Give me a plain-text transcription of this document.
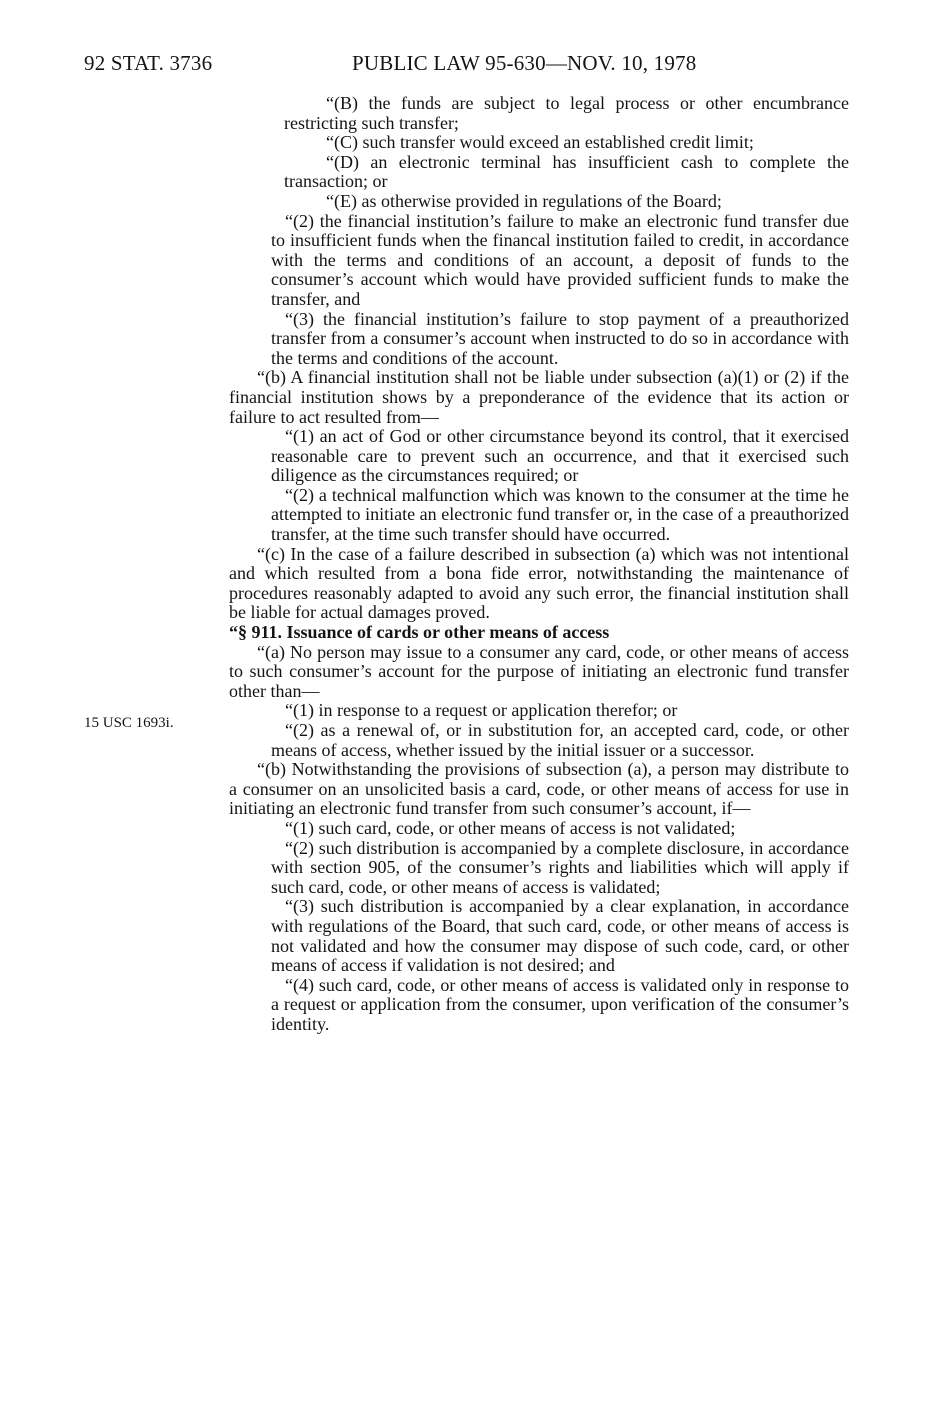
92 STAT. 3736	PUBLIC LAW 95-630—NOV. 10, 1978
15 USC 1693i.

“(B) the funds are subject to legal process or other encumbrance restricting such transfer;

“(C) such transfer would exceed an established credit limit;

“(D) an electronic terminal has insufficient cash to complete the transaction; or

“(E) as otherwise provided in regulations of the Board;

“(2) the financial institution’s failure to make an electronic fund transfer due to insufficient funds when the financal institution failed to credit, in accordance with the terms and conditions of an account, a deposit of funds to the consumer’s account which would have provided sufficient funds to make the transfer, and

“(3) the financial institution’s failure to stop payment of a preauthorized transfer from a consumer’s account when instructed to do so in accordance with the terms and conditions of the account.

“(b) A financial institution shall not be liable under subsection (a)(1) or (2) if the financial institution shows by a preponderance of the evidence that its action or failure to act resulted from—

“(1) an act of God or other circumstance beyond its control, that it exercised reasonable care to prevent such an occurrence, and that it exercised such diligence as the circumstances required; or

“(2) a technical malfunction which was known to the consumer at the time he attempted to initiate an electronic fund transfer or, in the case of a preauthorized transfer, at the time such transfer should have occurred.

“(c) In the case of a failure described in subsection (a) which was not intentional and which resulted from a bona fide error, notwithstanding the maintenance of procedures reasonably adapted to avoid any such error, the financial institution shall be liable for actual damages proved.

“§ 911. Issuance of cards or other means of access

“(a) No person may issue to a consumer any card, code, or other means of access to such consumer’s account for the purpose of initiating an electronic fund transfer other than—

“(1) in response to a request or application therefor; or

“(2) as a renewal of, or in substitution for, an accepted card, code, or other means of access, whether issued by the initial issuer or a successor.

“(b) Notwithstanding the provisions of subsection (a), a person may distribute to a consumer on an unsolicited basis a card, code, or other means of access for use in initiating an electronic fund transfer from such consumer’s account, if—

“(1) such card, code, or other means of access is not validated;

“(2) such distribution is accompanied by a complete disclosure, in accordance with section 905, of the consumer’s rights and liabilities which will apply if such card, code, or other means of access is validated;

“(3) such distribution is accompanied by a clear explanation, in accordance with regulations of the Board, that such card, code, or other means of access is not validated and how the consumer may dispose of such code, card, or other means of access if validation is not desired; and

“(4) such card, code, or other means of access is validated only in response to a request or application from the consumer, upon verification of the consumer’s identity.
